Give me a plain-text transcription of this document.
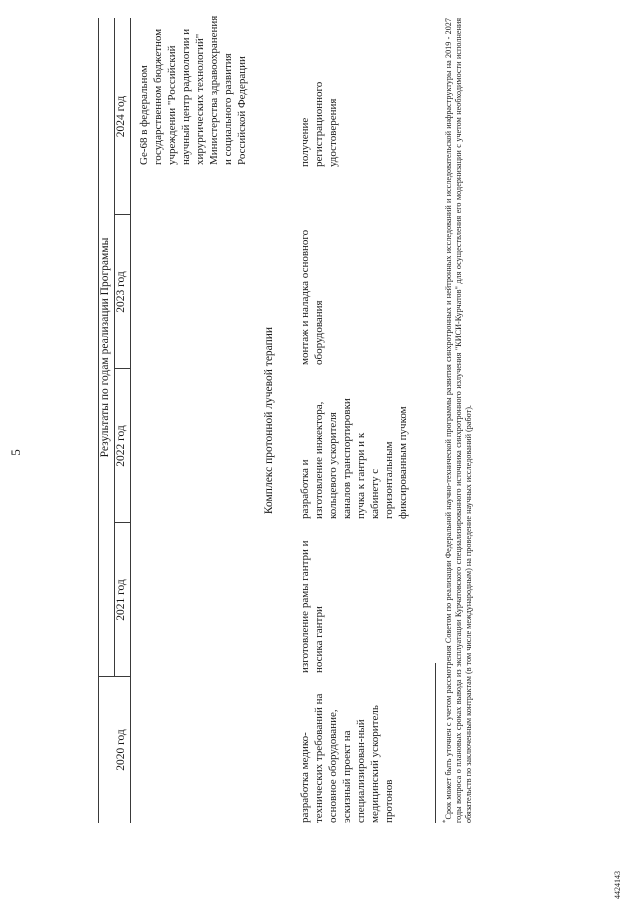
5	Результаты по годам реализации Программы
2020 год
2021 год
2022 год
2023 год
2024 год Ge-68 в федеральном государственном бюджетном учреждении "Российский научный центр радиологии и хирургических технологий" Министерства здравоохранения и социального развития Российской Федерации
Комплекс протонной лучевой терапии
разработка медико-технических требований на основное оборудование, эскизный проект на специализирован-ный медицинский ускоритель протонов
изготовление рамы гантри и носика гантри
разработка и изготовление инжектора, кольцевого ускорителя каналов транспортировки пучка к гантри и к кабинету с горизонтальным фиксированным пучком
монтаж и наладка основного оборудования
получение регистрационного удостоверения
*Срок может быть уточнен с учетом рассмотрения Советом по реализации Федеральной научно-технической программы развития синхротронных и нейтронных исследований и исследовательской инфраструктуры на 2019 - 2027 годы вопроса о плановых сроках вывода из эксплуатации Курчатовского специализированного источника синхротронного излучения "КИСИ-Курчатов" для осуществления его модернизации с учетом необходимости исполнения обязательств по заключенным контрактам (в том числе международным) на проведение научных исследований (работ).
4424143
